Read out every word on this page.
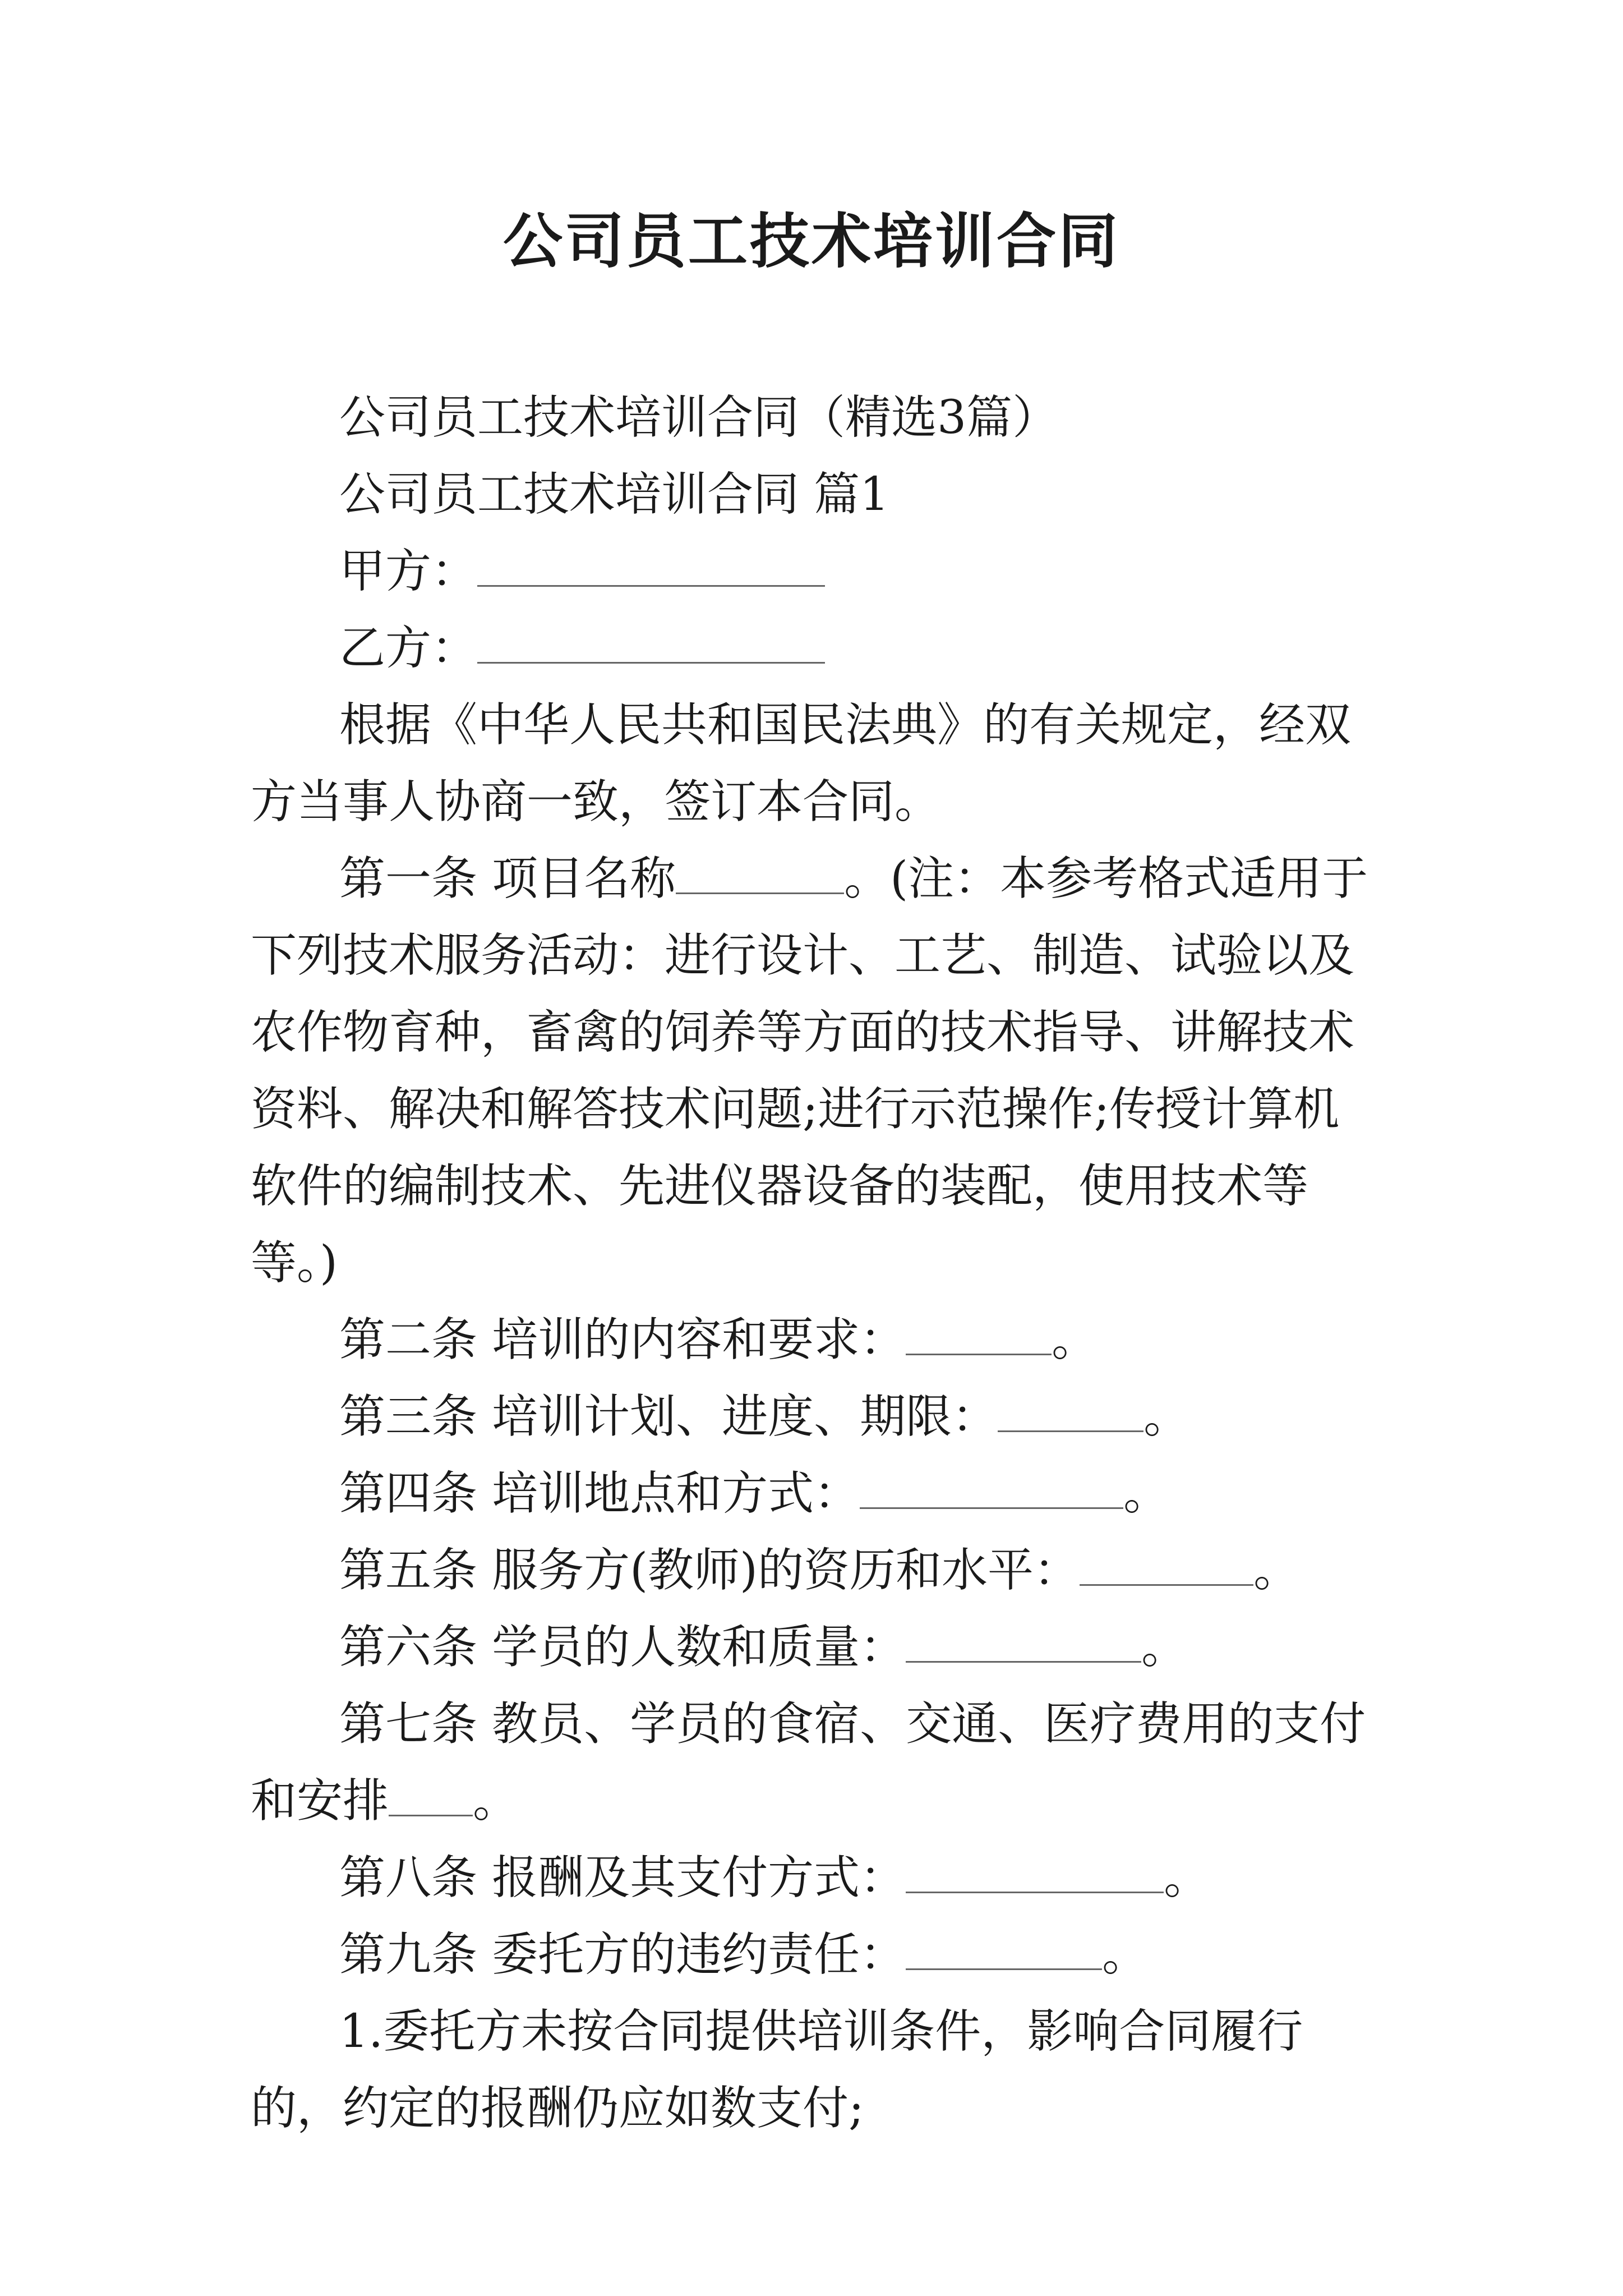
公司员工技术培训合同

公司员工技术培训合同（精选3篇）

公司员工技术培训合同 篇1

甲方：

乙方：

根据《中华人民共和国民法典》的有关规定，经双方当事人协商一致，签订本合同。

第一条 项目名称	。(注：本参考格式适用于下列技术服务活动：进行设计、工艺、制造、试验以及农作物育种，畜禽的饲养等方面的技术指导、讲解技术资料、解决和解答技术问题;进行示范操作;传授计算机软件的编制技术、先进仪器设备的装配，使用技术等等。)

第二条 培训的内容和要求：	。

第三条 培训计划、进度、期限：	。

第四条 培训地点和方式：	。

第五条 服务方(教师)的资历和水平：	。

第六条 学员的人数和质量：	。

第七条 教员、学员的食宿、交通、医疗费用的支付和安排 。

第八条 报酬及其支付方式：	。

第九条 委托方的违约责任：	。

1.委托方未按合同提供培训条件，影响合同履行的，约定的报酬仍应如数支付;
